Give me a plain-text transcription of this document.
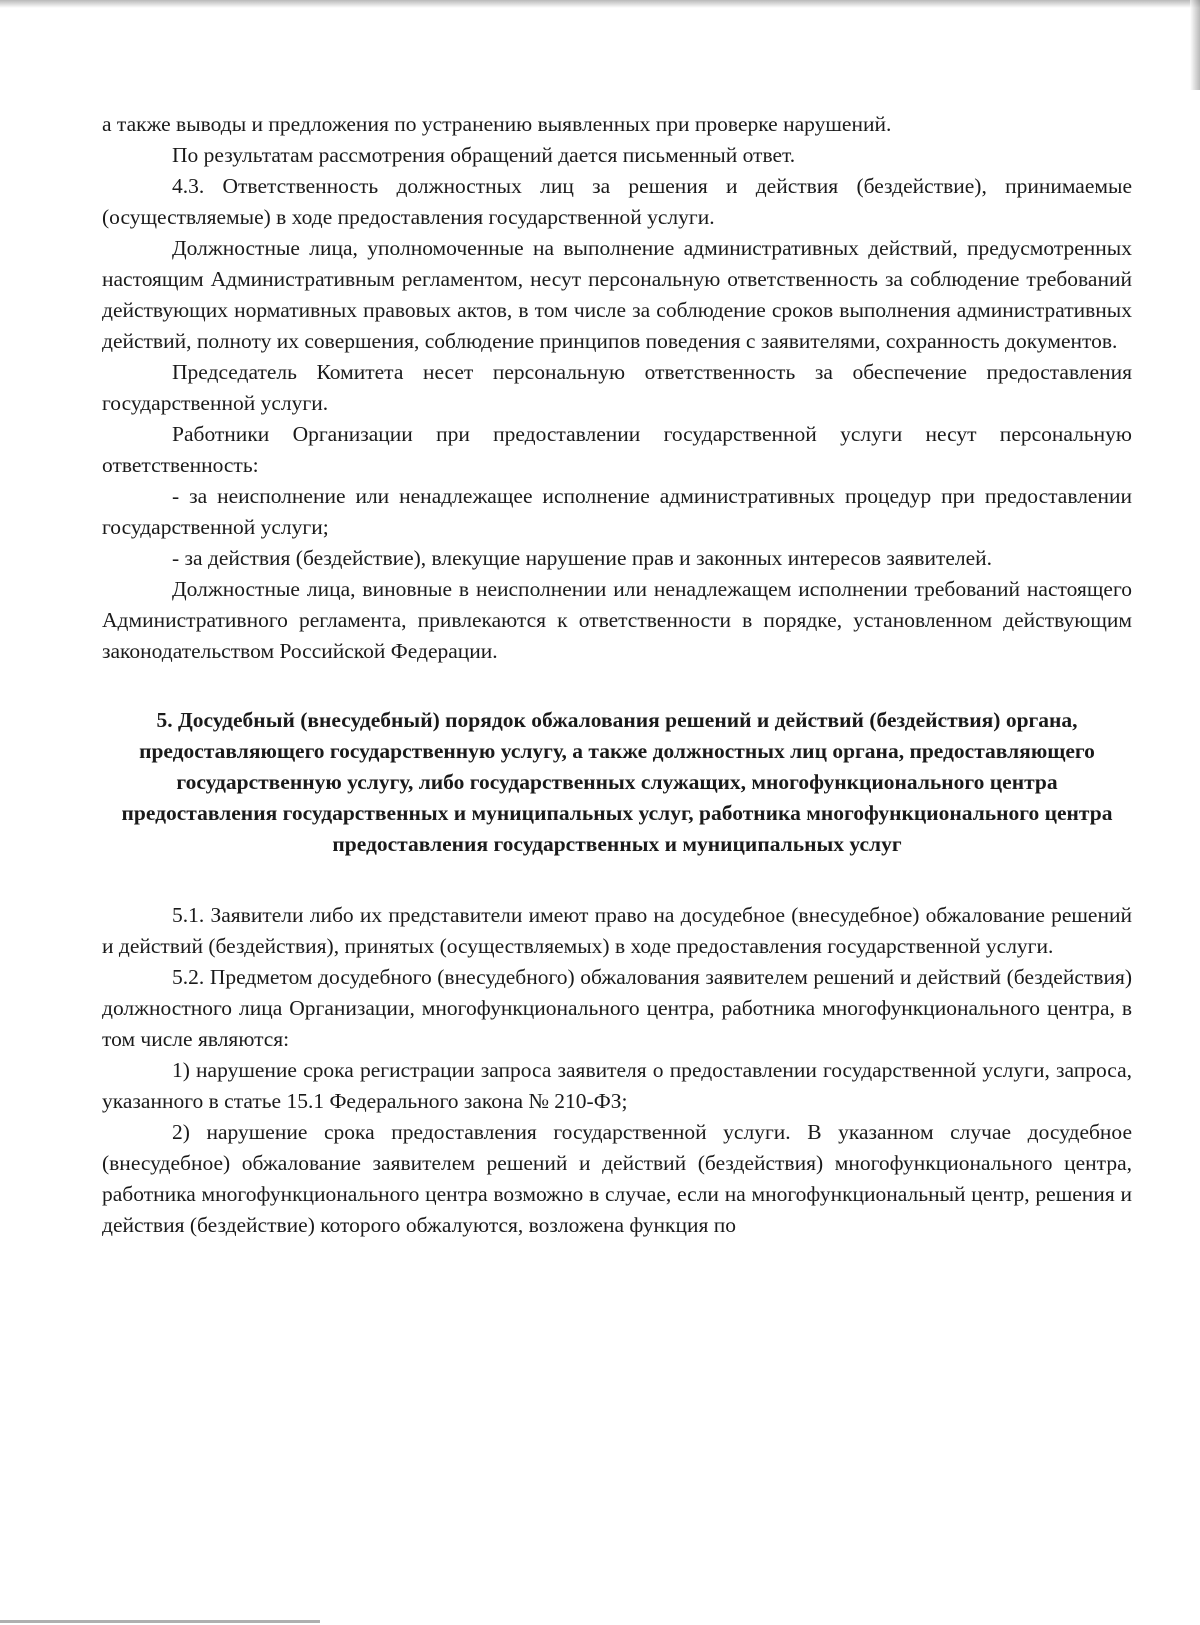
а также выводы и предложения по устранению выявленных при проверке нарушений.

По результатам рассмотрения обращений дается письменный ответ.

4.3. Ответственность должностных лиц за решения и действия (бездействие), принимаемые (осуществляемые) в ходе предоставления государственной услуги.

Должностные лица, уполномоченные на выполнение административных действий, предусмотренных настоящим Административным регламентом, несут персональную ответственность за соблюдение требований действующих нормативных правовых актов, в том числе за соблюдение сроков выполнения административных действий, полноту их совершения, соблюдение принципов поведения с заявителями, сохранность документов.

Председатель Комитета несет персональную ответственность за обеспечение предоставления государственной услуги.

Работники Организации при предоставлении государственной услуги несут персональную ответственность:

- за неисполнение или ненадлежащее исполнение административных процедур при предоставлении государственной услуги;

- за действия (бездействие), влекущие нарушение прав и законных интересов заявителей.

Должностные лица, виновные в неисполнении или ненадлежащем исполнении требований настоящего Административного регламента, привлекаются к ответственности в порядке, установленном действующим законодательством Российской Федерации.

5. Досудебный (внесудебный) порядок обжалования решений и действий (бездействия) органа, предоставляющего государственную услугу, а также должностных лиц органа, предоставляющего государственную услугу, либо государственных служащих, многофункционального центра предоставления государственных и муниципальных услуг, работника многофункционального центра предоставления государственных и муниципальных услуг

5.1. Заявители либо их представители имеют право на досудебное (внесудебное) обжалование решений и действий (бездействия), принятых (осуществляемых) в ходе предоставления государственной услуги.

5.2. Предметом досудебного (внесудебного) обжалования заявителем решений и действий (бездействия) должностного лица Организации, многофункционального центра, работника многофункционального центра, в том числе являются:

1) нарушение срока регистрации запроса заявителя о предоставлении государственной услуги, запроса, указанного в статье 15.1 Федерального закона № 210-ФЗ;

2) нарушение срока предоставления государственной услуги. В указанном случае досудебное (внесудебное) обжалование заявителем решений и действий (бездействия) многофункционального центра, работника многофункционального центра возможно в случае, если на многофункциональный центр, решения и действия (бездействие) которого обжалуются, возложена функция по
